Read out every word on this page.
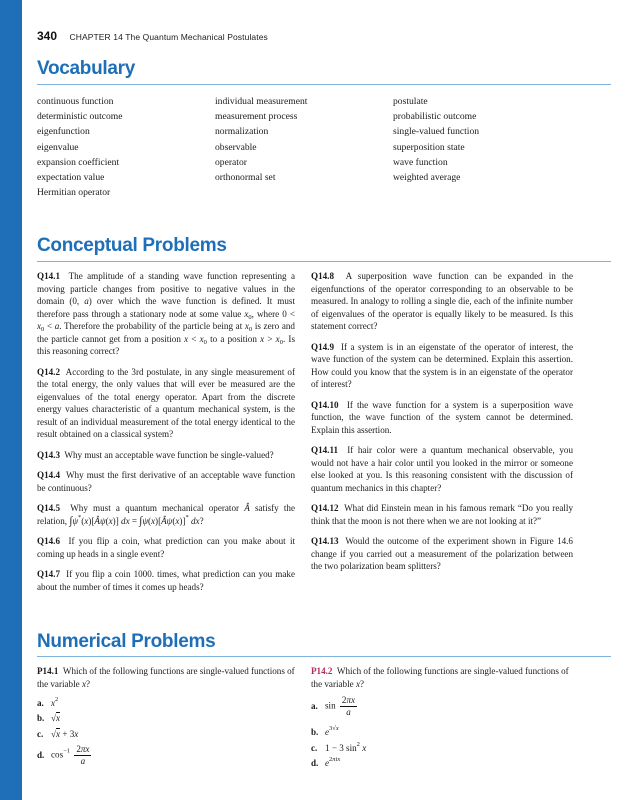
340 CHAPTER 14 The Quantum Mechanical Postulates
Vocabulary
continuous function
deterministic outcome
eigenfunction
eigenvalue
expansion coefficient
expectation value
Hermitian operator
individual measurement
measurement process
normalization
observable
operator
orthonormal set
postulate
probabilistic outcome
single-valued function
superposition state
wave function
weighted average
Conceptual Problems

Q14.1 The amplitude of a standing wave function representing a moving particle changes from positive to negative values in the domain (0, a) over which the wave function is defined. It must therefore pass through a stationary node at some value $x_0$, where $0 < x_0 < a$. Therefore the probability of the particle being at $x_0$ is zero and the particle cannot get from a position $x < x_0$ to a position $x > x_0$. Is this reasoning correct?

Q14.2 According to the 3rd postulate, in any single measurement of the total energy, the only values that will ever be measured are the eigenvalues of the total energy operator. Apart from the discrete energy values characteristic of a quantum mechanical system, is the result of an individual measurement of the total energy identical to the result obtained on a classical system?

Q14.3 Why must an acceptable wave function be single-valued?

Q14.4 Why must the first derivative of an acceptable wave function be continuous?

Q14.5 Why must a quantum mechanical operator Â satisfy the relation, ∫ψ*(x)[Âψ(x)] dx = ∫ψ(x)[Âψ(x)]* dx?

Q14.6 If you flip a coin, what prediction can you make about it coming up heads in a single event?

Q14.7 If you flip a coin 1000. times, what prediction can you make about the number of times it comes up heads?

Q14.8 A superposition wave function can be expanded in the eigenfunctions of the operator corresponding to an observable to be measured. In analogy to rolling a single die, each of the infinite number of eigenvalues of the operator is equally likely to be measured. Is this statement correct?

Q14.9 If a system is in an eigenstate of the operator of interest, the wave function of the system can be determined. Explain this assertion. How could you know that the system is in an eigenstate of the operator of interest?

Q14.10 If the wave function for a system is a superposition wave function, the wave function of the system cannot be determined. Explain this assertion.

Q14.11 If hair color were a quantum mechanical observable, you would not have a hair color until you looked in the mirror or someone else looked at you. Is this reasoning consistent with the discussion of quantum mechanics in this chapter?

Q14.12 What did Einstein mean in his famous remark “Do you really think that the moon is not there when we are not looking at it?”

Q14.13 Would the outcome of the experiment shown in Figure 14.6 change if you carried out a measurement of the polarization between the two polarization beam splitters?

Numerical Problems
P14.1 Which of the following functions are single-valued functions of the variable x?
a. $x^2$
b. √x
c. √x + 3x
d. $\cos^{-1} \frac{2\pi x}{a}$
P14.2 Which of the following functions are single-valued functions of the variable x?
a. $\sin \frac{2\pi x}{a}$
b. $e^{3√x}$
c. 1 − 3 $\sin^2 x$
d. $e^{2\pi ix}$
